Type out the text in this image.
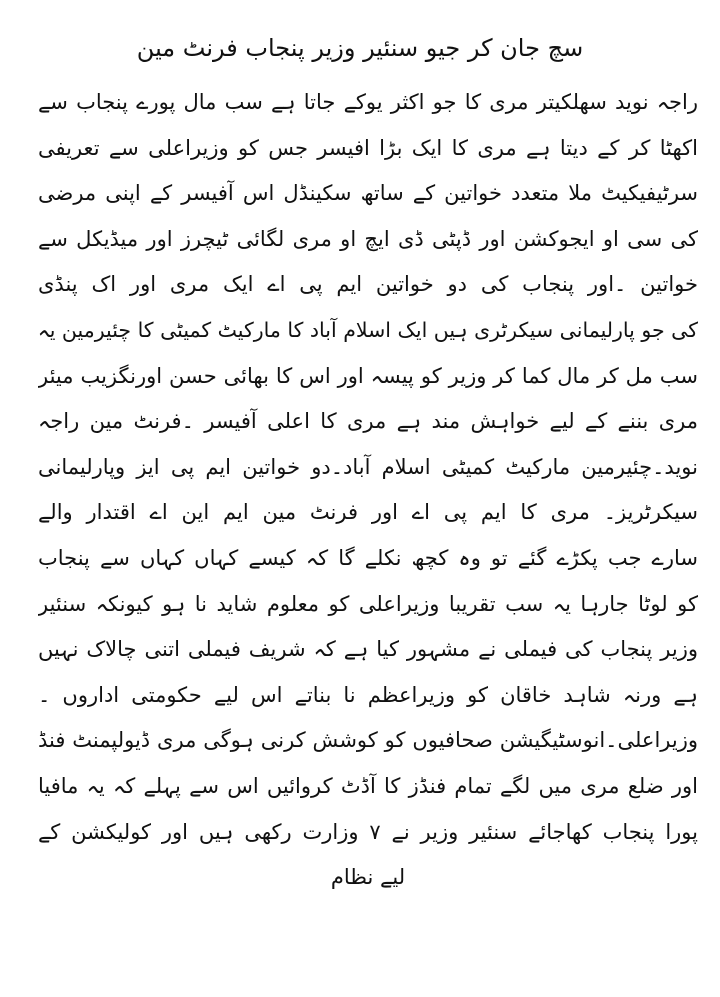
سچ جان کر جیو سنئیر وزیر پنجاب فرنٹ مین
راجہ نوید سھلکیتر مری کا جو اکثر یوکے جاتا ہے سب مال پورے پنجاب سے
اکھٹا کر کے دیتا ہے مری کا ایک بڑا افیسر جس کو وزیراعلی سے تعریفی
سرٹیفیکیٹ ملا متعدد خواتین کے ساتھ سکینڈل اس آفیسر کے اپنی مرضی
کی سی او ایجوکشن اور ڈپٹی ڈی ایچ او مری لگائی ٹیچرز اور میڈیکل سے
خواتین ۔اور پنجاب کی دو خواتین ایم پی اے ایک مری اور اک پنڈی
کی جو پارلیمانی سیکرٹری ہیں ایک اسلام آباد کا مارکیٹ کمیٹی کا چئیرمین یہ
سب مل کر مال کما کر وزیر کو پیسہ اور اس کا بھائی حسن اورنگزیب میئر
مری بننے کے لیے خواہش مند ہے مری کا اعلی آفیسر ۔فرنٹ مین راجہ
نوید۔چئیرمین مارکیٹ کمیٹی اسلام آباد۔دو خواتین ایم پی ایز وپارلیمانی
سیکرٹریز۔ مری کا ایم پی اے اور فرنٹ مین ایم این اے اقتدار والے
سارے جب پکڑے گئے تو وہ کچھ نکلے گا کہ کیسے کہاں کہاں سے پنجاب
کو لوٹا جارہا یہ سب تقریبا وزیراعلی کو معلوم شاید نا ہو کیونکہ سنئیر
وزیر پنجاب کی فیملی نے مشہور کیا ہے کہ شریف فیملی اتنی چالاک نہیں
ہے ورنہ شاہد خاقان کو وزیراعظم نا بناتے اس لیے حکومتی اداروں ۔
وزیراعلی۔انوسٹیگیشن صحافیوں کو کوشش کرنی ہوگی مری ڈیولپمنٹ فنڈ
اور ضلع مری میں لگے تمام فنڈز کا آڈٹ کروائیں اس سے پہلے کہ یہ مافیا
پورا پنجاب کھاجائے سنئیر وزیر نے ۷ وزارت رکھی ہیں اور کولیکشن کے
لیے نظام
